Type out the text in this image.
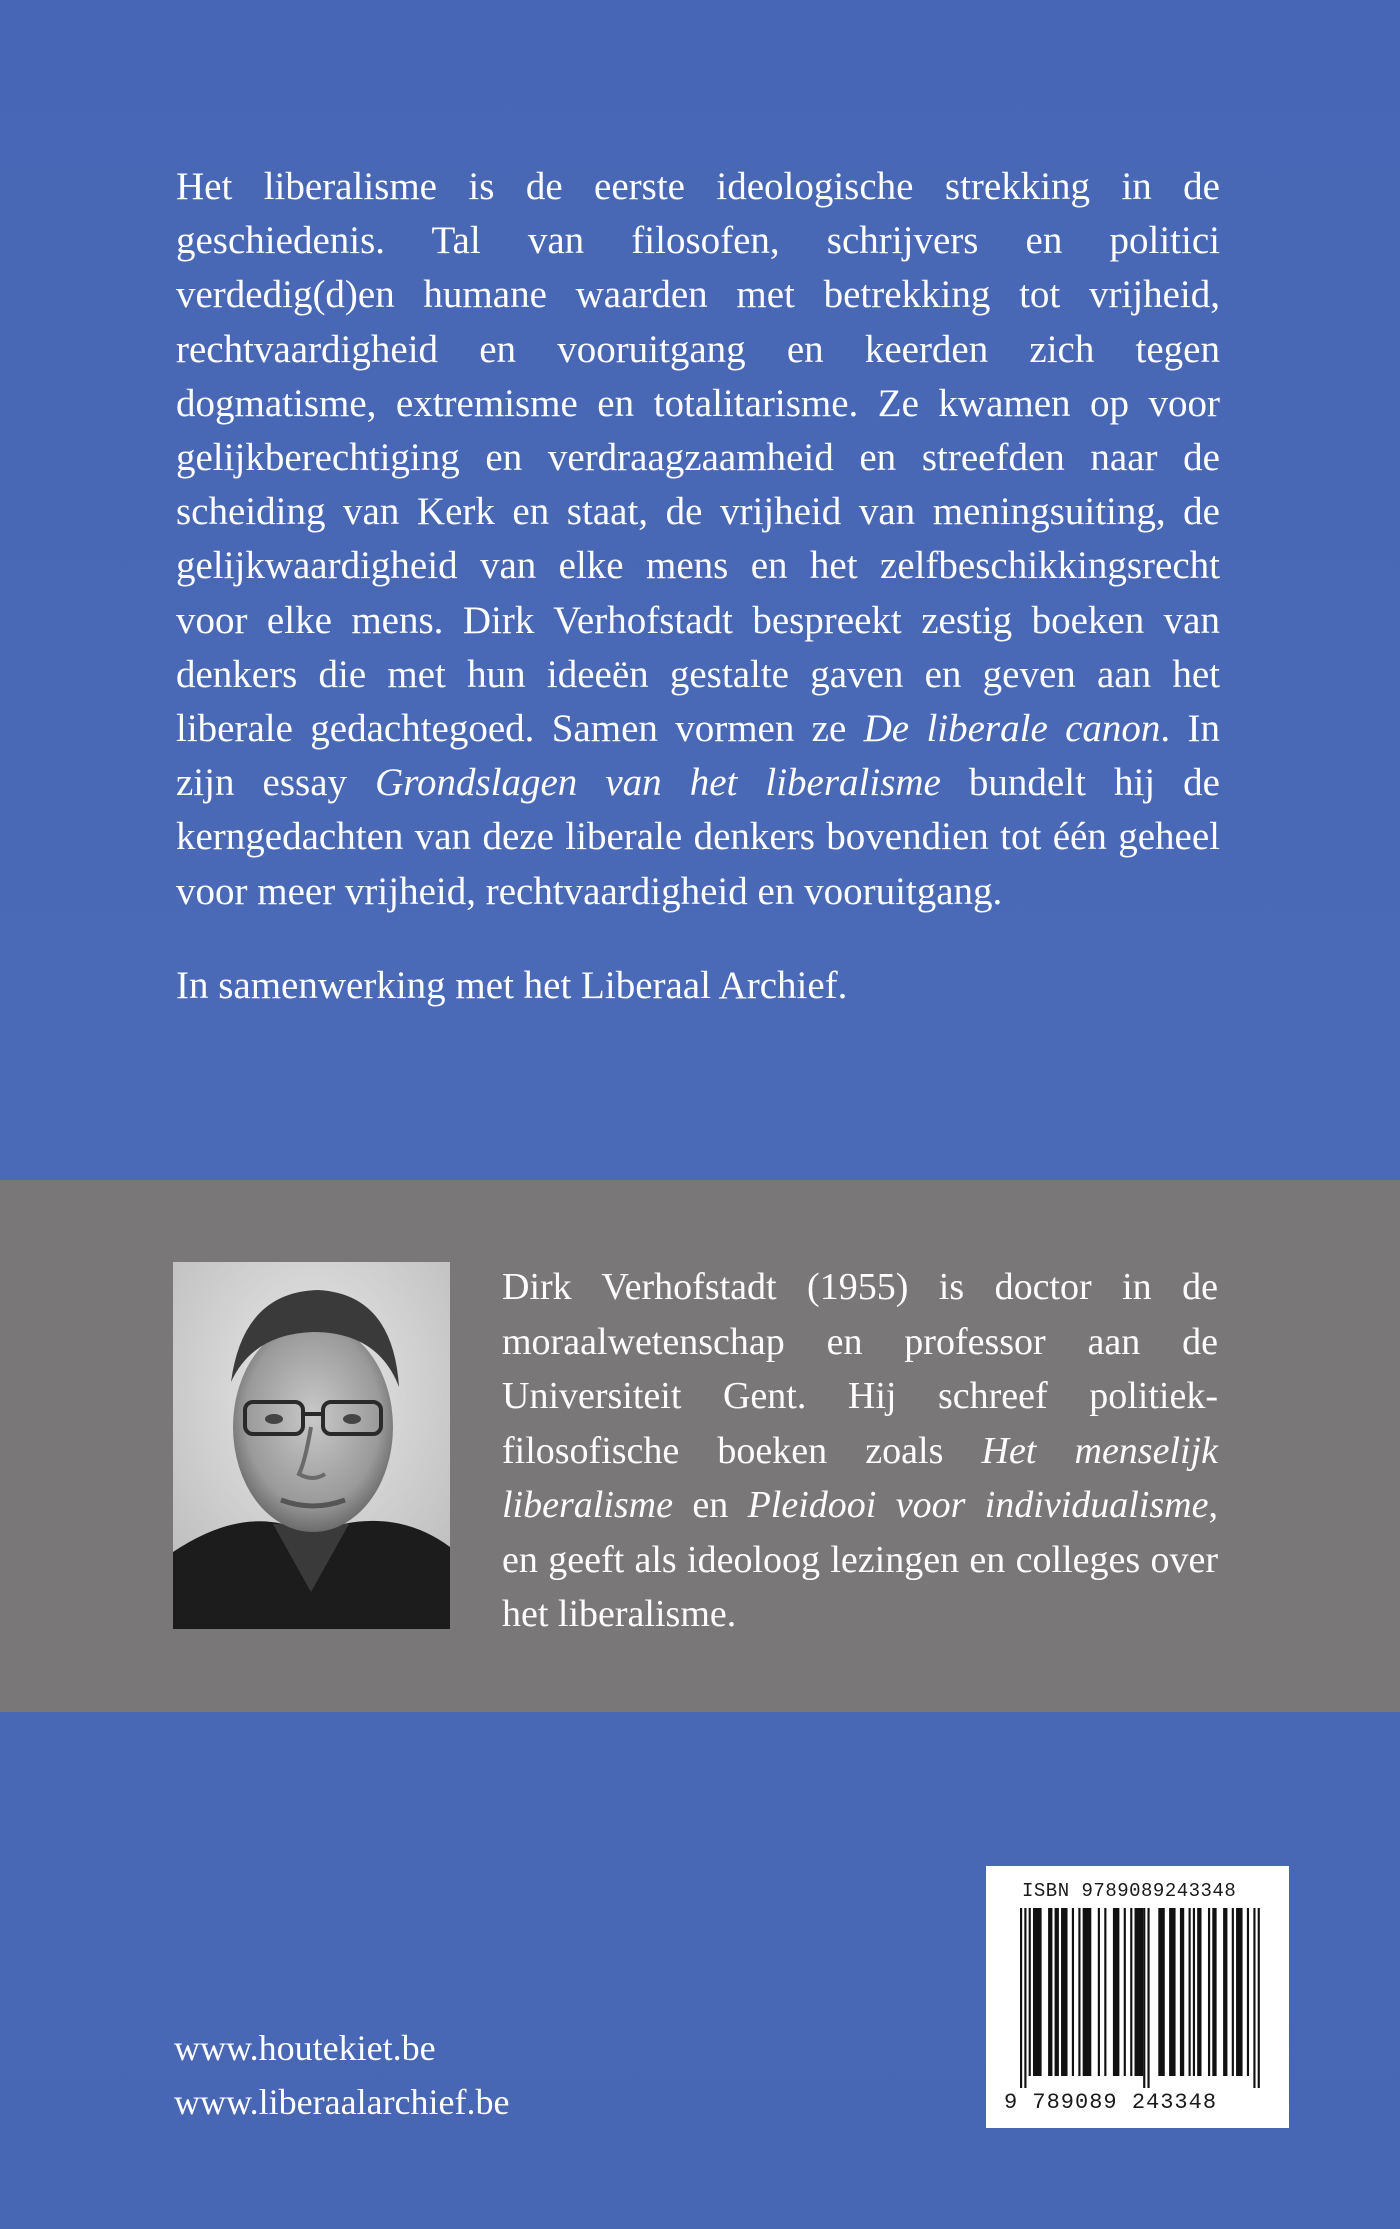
Het liberalisme is de eerste ideologische strekking in de geschiedenis. Tal van filosofen, schrijvers en politici verdedig(d)en humane waarden met betrekking tot vrijheid, rechtvaardigheid en vooruitgang en keerden zich tegen dogmatisme, extremisme en totalitarisme. Ze kwamen op voor gelijkberechtiging en verdraagzaamheid en streefden naar de scheiding van Kerk en staat, de vrijheid van meningsuiting, de gelijkwaardigheid van elke mens en het zelfbeschikkingsrecht voor elke mens. Dirk Verhofstadt bespreekt zestig boeken van denkers die met hun ideeën gestalte gaven en geven aan het liberale gedachtegoed. Samen vormen ze De liberale canon. In zijn essay Grondslagen van het liberalisme bundelt hij de kerngedachten van deze liberale denkers bovendien tot één geheel voor meer vrijheid, rechtvaardigheid en vooruitgang.

In samenwerking met het Liberaal Archief.

Dirk Verhofstadt (1955) is doctor in de moraalwetenschap en professor aan de Universiteit Gent. Hij schreef politiek-filosofische boeken zoals Het menselijk liberalisme en Pleidooi voor individualisme, en geeft als ideoloog lezingen en colleges over het liberalisme.

www.houtekiet.be
www.liberaalarchief.be
ISBN 9789089243348
9 789089 243348
